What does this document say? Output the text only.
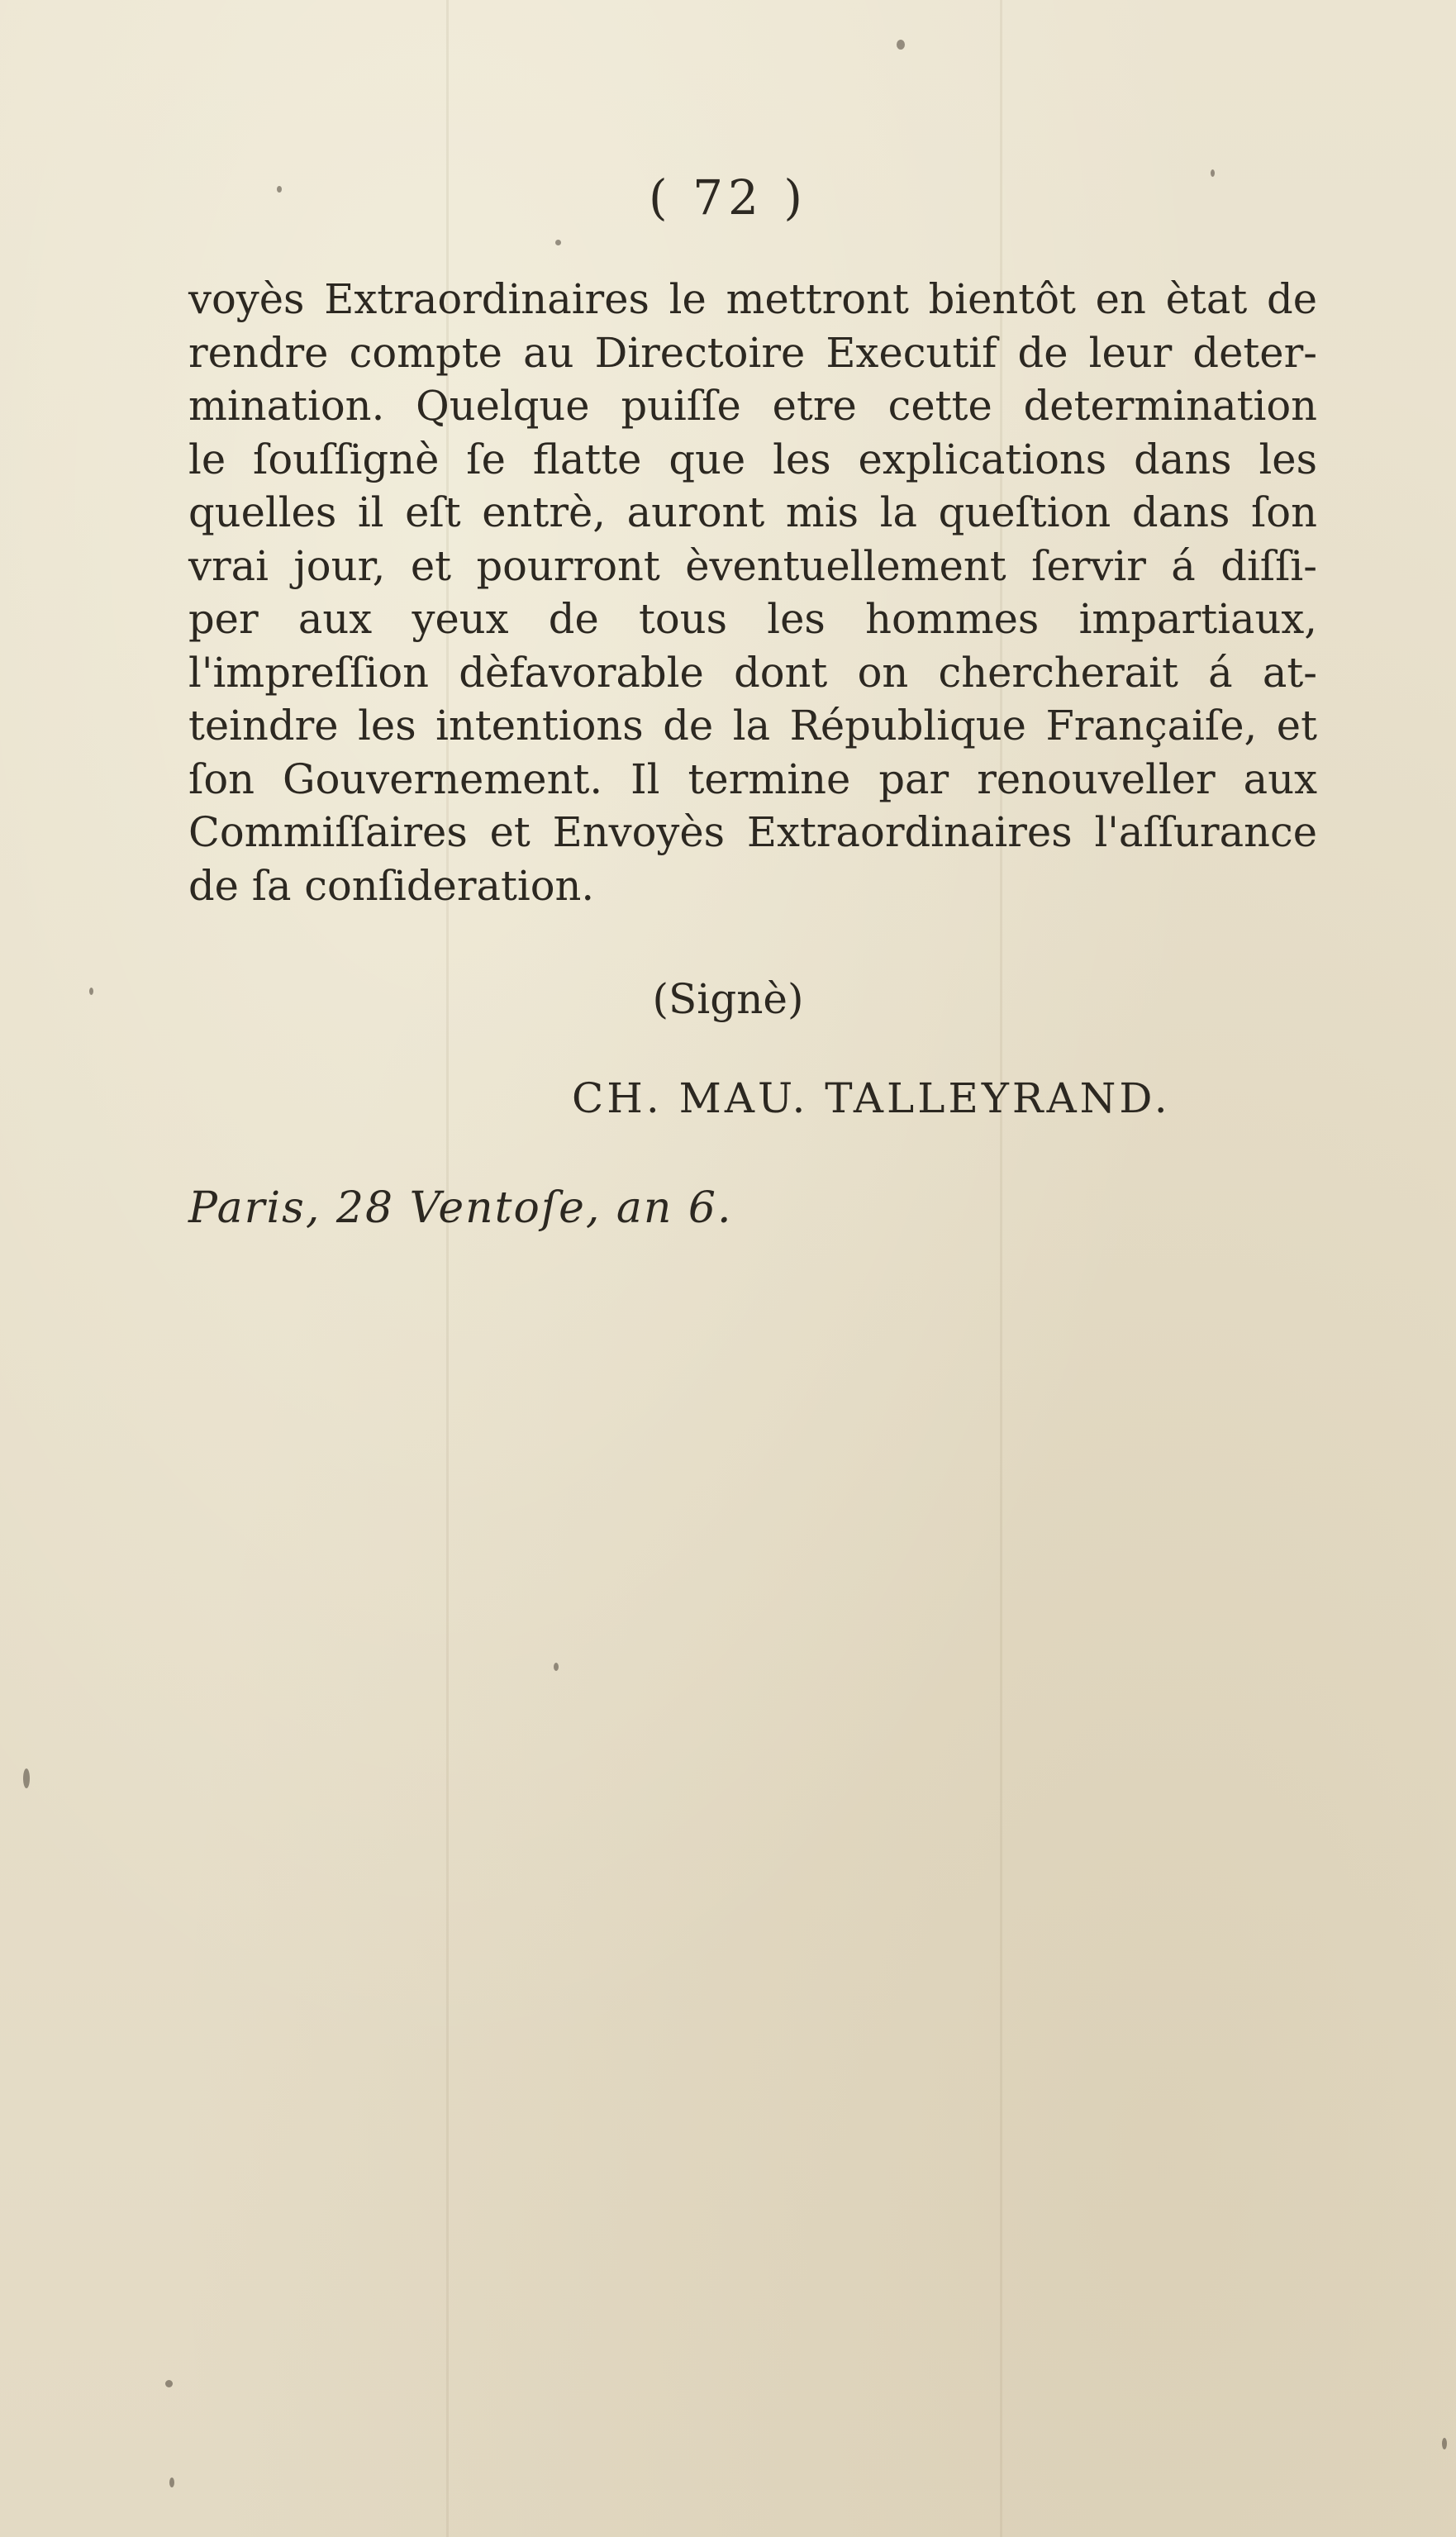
( 72 )
voyès Extraordinaires le mettront bientôt en ètat de
rendre compte au Directoire Executif de leur deter-
mination. Quelque puiſſe etre cette determination
le ſouſſignè ſe flatte que les explications dans les
quelles il eſt entrè, auront mis la queſtion dans ſon
vrai jour, et pourront èventuellement ſervir á diſſi-
per aux yeux de tous les hommes impartiaux,
l'impreſſion dèfavorable dont on chercherait á at-
teindre les intentions de la République Françaiſe, et
ſon Gouvernement. Il termine par renouveller aux
Commiſſaires et Envoyès Extraordinaires l'aſſurance
de ſa conſideration.
(Signè)
CH. MAU. TALLEYRAND.
Paris, 28 Ventoſe, an 6.
